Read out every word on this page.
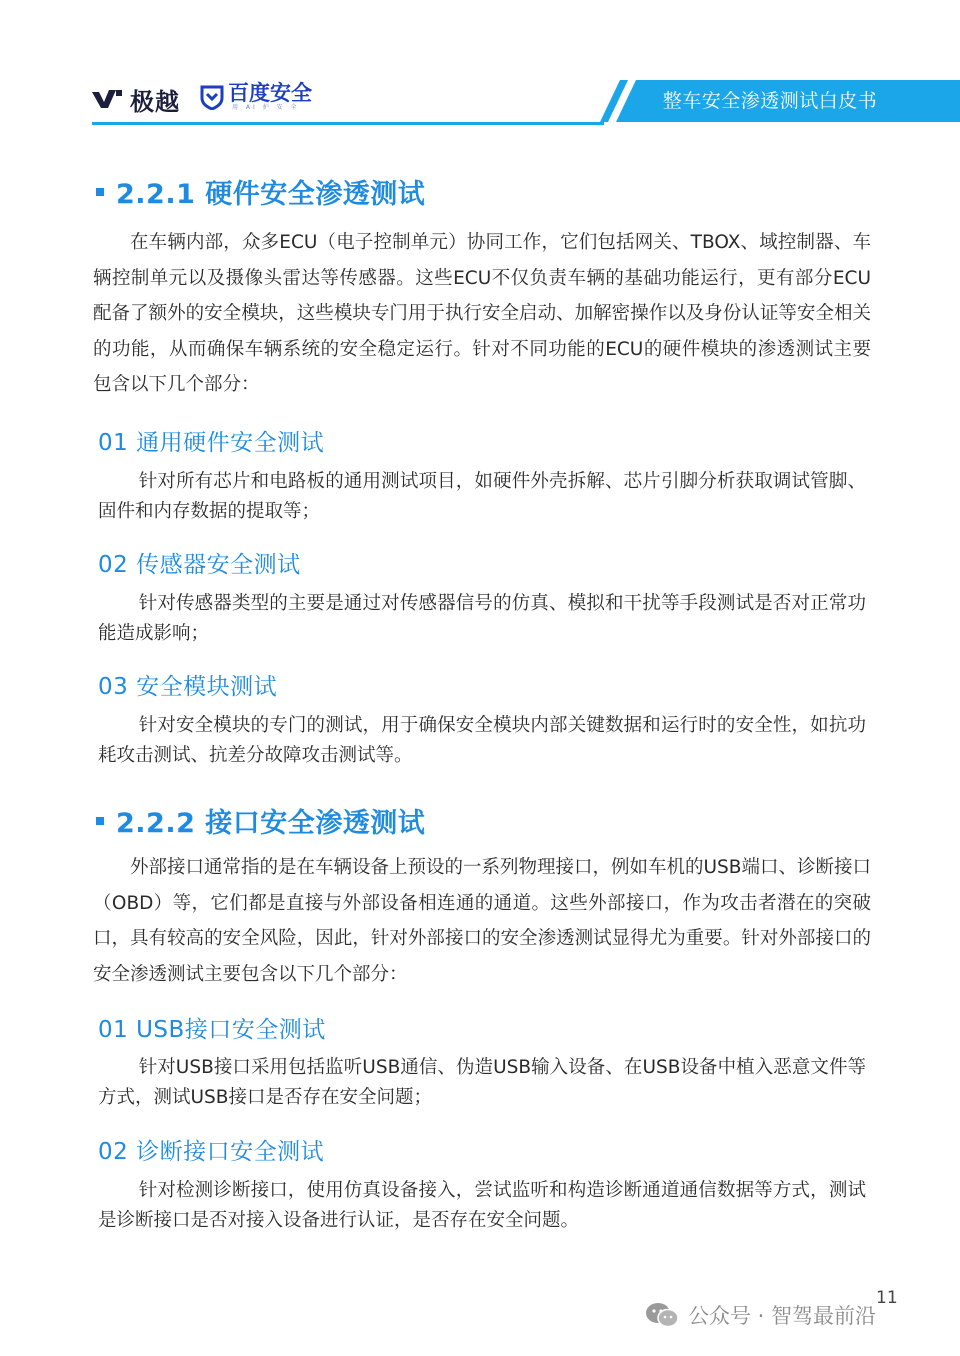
极越 百度安全
用 AI 护 安 全	整车安全渗透测试白皮书
2.2.1 硬件安全渗透测试

在车辆内部，众多ECU（电子控制单元）协同工作，它们包括网关、TBOX、域控制器、车辆控制单元以及摄像头雷达等传感器。这些ECU不仅负责车辆的基础功能运行，更有部分ECU配备了额外的安全模块，这些模块专门用于执行安全启动、加解密操作以及身份认证等安全相关的功能，从而确保车辆系统的安全稳定运行。针对不同功能的ECU的硬件模块的渗透测试主要包含以下几个部分：

01 通用硬件安全测试

针对所有芯片和电路板的通用测试项目，如硬件外壳拆解、芯片引脚分析获取调试管脚、固件和内存数据的提取等；

02 传感器安全测试

针对传感器类型的主要是通过对传感器信号的仿真、模拟和干扰等手段测试是否对正常功能造成影响；

03 安全模块测试

针对安全模块的专门的测试，用于确保安全模块内部关键数据和运行时的安全性，如抗功耗攻击测试、抗差分故障攻击测试等。

2.2.2 接口安全渗透测试

外部接口通常指的是在车辆设备上预设的一系列物理接口，例如车机的USB端口、诊断接口（OBD）等，它们都是直接与外部设备相连通的通道。这些外部接口，作为攻击者潜在的突破口，具有较高的安全风险，因此，针对外部接口的安全渗透测试显得尤为重要。针对外部接口的安全渗透测试主要包含以下几个部分：

01 USB接口安全测试

针对USB接口采用包括监听USB通信、伪造USB输入设备、在USB设备中植入恶意文件等方式，测试USB接口是否存在安全问题；

02 诊断接口安全测试

针对检测诊断接口，使用仿真设备接入，尝试监听和构造诊断通道通信数据等方式，测试是诊断接口是否对接入设备进行认证，是否存在安全问题。

11
公众号 · 智驾最前沿
